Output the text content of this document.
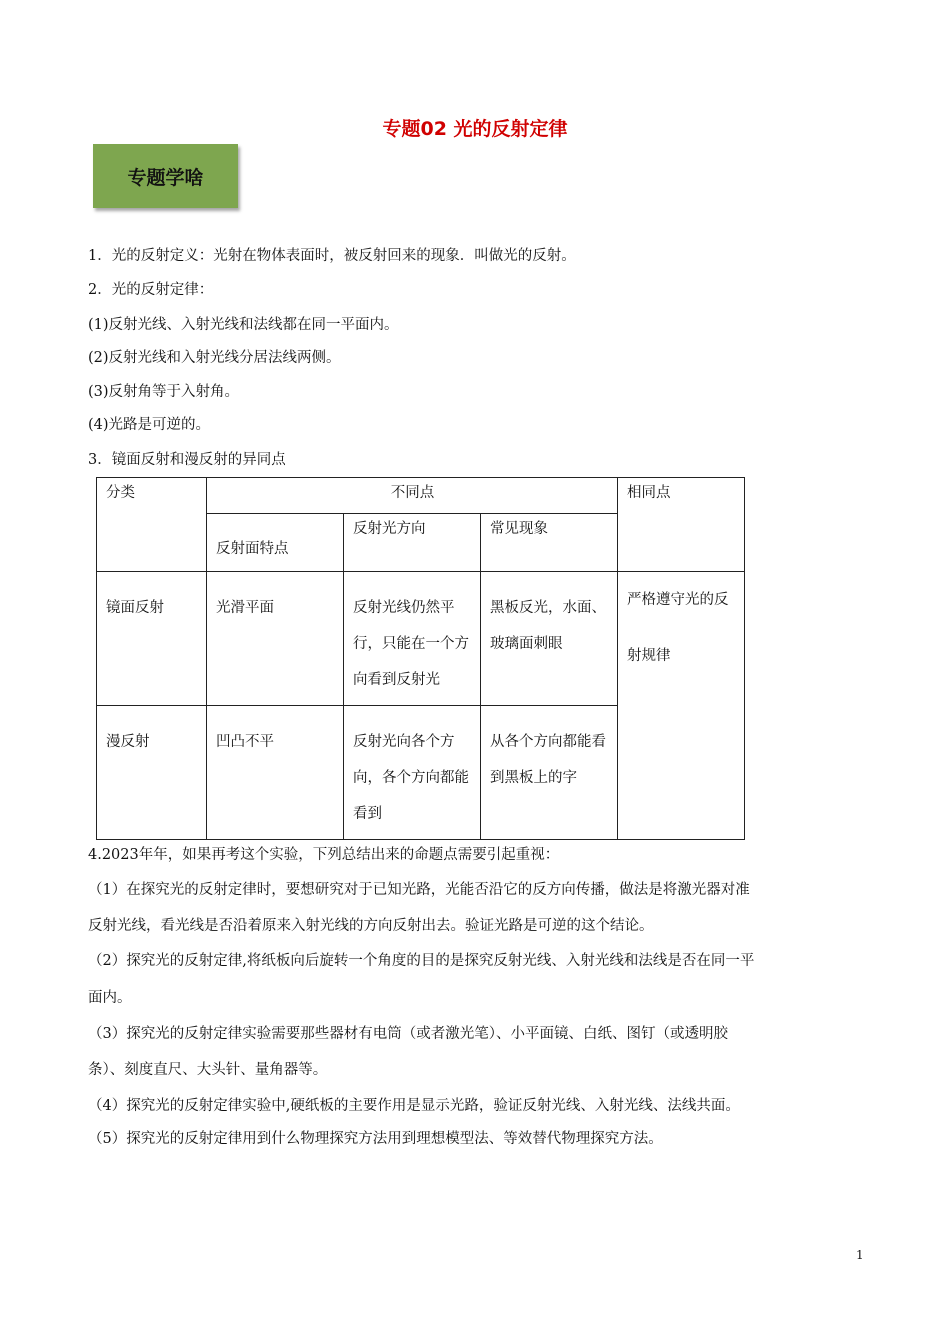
专题02 光的反射定律
专题学啥
1．光的反射定义：光射在物体表面时，被反射回来的现象．叫做光的反射。
2．光的反射定律：
(1)反射光线、入射光线和法线都在同一平面内。
(2)反射光线和入射光线分居法线两侧。
(3)反射角等于入射角。
(4)光路是可逆的。
3．镜面反射和漫反射的异同点
分类	不同点			相同点
	反射面特点	反射光方向	常见现象	
镜面反射	光滑平面	反射光线仍然平行，只能在一个方向看到反射光	黑板反光，水面、玻璃面刺眼	严格遵守光的反射规律
漫反射	凹凸不平	反射光向各个方向，各个方向都能看到	从各个方向都能看到黑板上的字	
4.2023年年，如果再考这个实验，下列总结出来的命题点需要引起重视：
（1）在探究光的反射定律时，要想研究对于已知光路，光能否沿它的反方向传播，做法是将激光器对准
反射光线，看光线是否沿着原来入射光线的方向反射出去。验证光路是可逆的这个结论。
（2）探究光的反射定律,将纸板向后旋转一个角度的目的是探究反射光线、入射光线和法线是否在同一平
面内。
（3）探究光的反射定律实验需要那些器材有电筒（或者激光笔）、小平面镜、白纸、图钉（或透明胶
条）、刻度直尺、大头针、量角器等。
（4）探究光的反射定律实验中,硬纸板的主要作用是显示光路，验证反射光线、入射光线、法线共面。
（5）探究光的反射定律用到什么物理探究方法用到理想模型法、等效替代物理探究方法。
1
